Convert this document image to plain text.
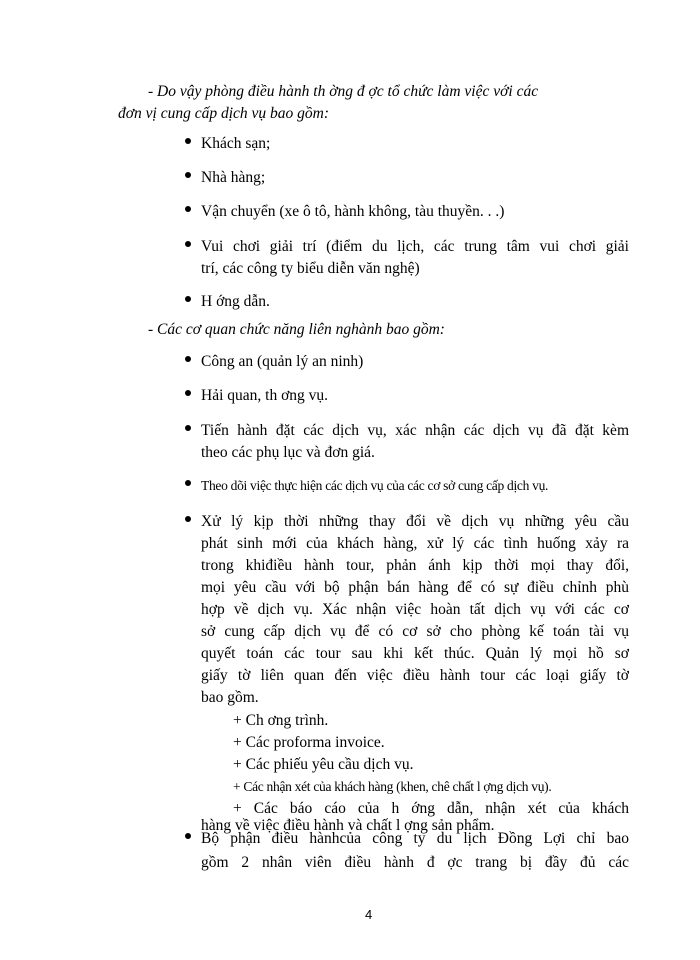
- Do vậy phòng điều hành th ờng đ ợc tổ chức làm việc với các
đơn vị cung cấp dịch vụ bao gồm:
Khách sạn;
Nhà hàng;
Vận chuyển (xe ô tô, hành không, tàu thuyền. . .)
Vui chơi giải trí (điểm du lịch, các trung tâm vui chơi giải
trí, các công ty biểu diễn văn nghệ)
H ớng dẫn.
- Các cơ quan chức năng liên nghành bao gồm:
Công an (quản lý an ninh)
Hải quan, th ơng vụ.
Tiến hành đặt các dịch vụ, xác nhận các dịch vụ đã đặt kèm
theo các phụ lục và đơn giá.
Theo dõi việc thực hiện các dịch vụ của các cơ sở cung cấp dịch vụ.
Xử lý kịp thời những thay đổi về dịch vụ những yêu cầu
phát sinh mới của khách hàng, xử lý các tình huống xảy ra
trong khiđiều hành tour, phản ánh kịp thời mọi thay đổi,
mọi yêu cầu với bộ phận bán hàng để có sự điều chỉnh phù
hợp về dịch vụ. Xác nhận việc hoàn tất dịch vụ với các cơ
sở cung cấp dịch vụ để có cơ sở cho phòng kế toán tài vụ
quyết toán các tour sau khi kết thúc. Quản lý mọi hồ sơ
giấy tờ liên quan đến việc điều hành tour các loại giấy tờ
bao gồm.
+ Ch ơng trình.
+ Các proforma invoice.
+ Các phiếu yêu cầu dịch vụ.
+ Các nhận xét của khách hàng (khen, chê chất l ợng dịch vụ).
+ Các báo cáo của h ớng dẫn, nhận xét của khách
hàng về việc điều hành và chất l ợng sản phẩm.
Bộ phận điều hànhcủa công ty du lịch Đồng Lợi chỉ bao
gồm 2 nhân viên điều hành đ ợc trang bị đầy đủ các
4
